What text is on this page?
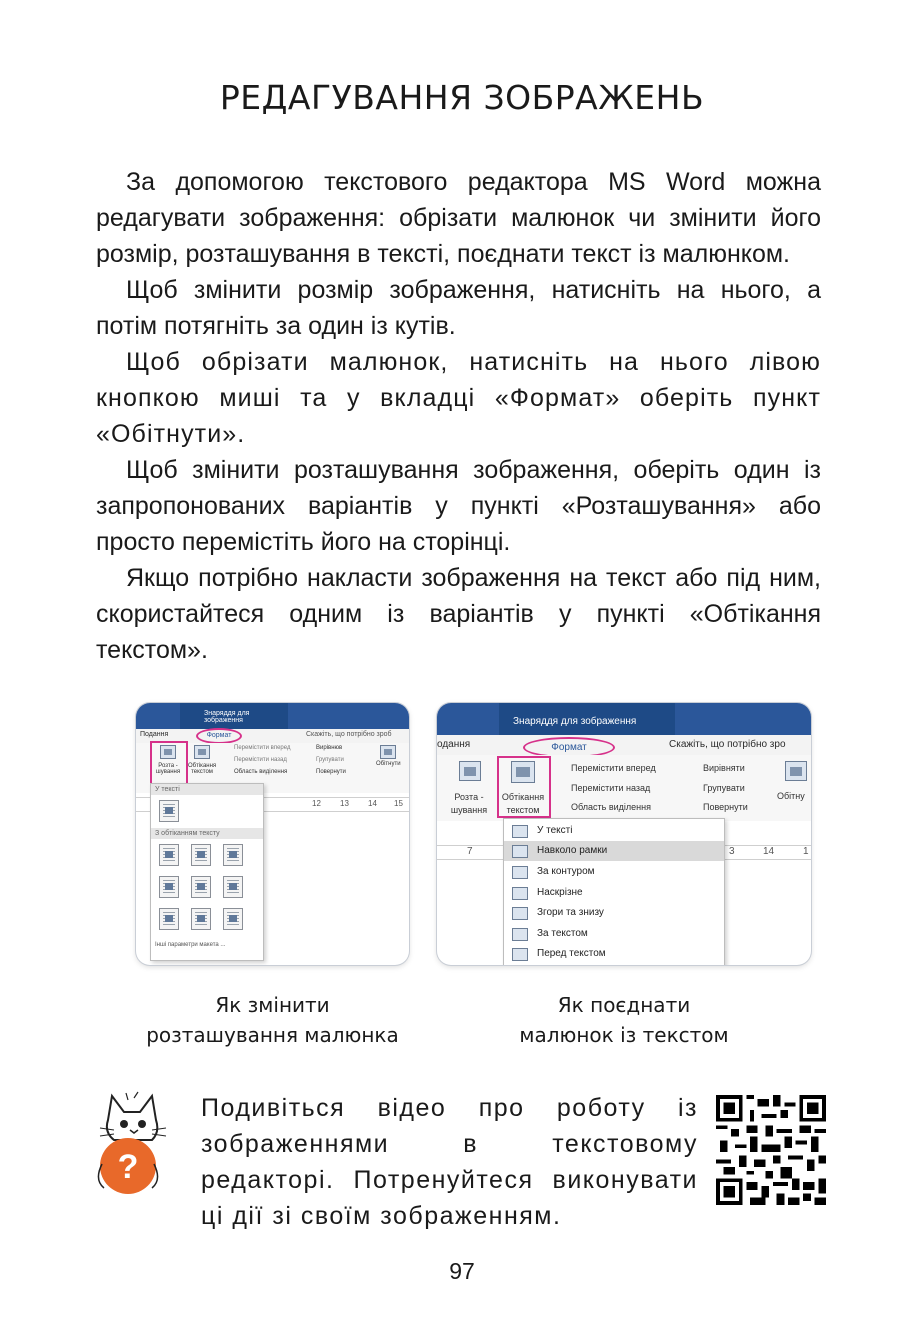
РЕДАГУВАННЯ ЗОБРАЖЕНЬ

За допомогою текстового редактора MS Word можна редагувати зображення: обрізати малюнок чи змінити його розмір, розташування в тексті, поєднати текст із малюнком.

Щоб змінити розмір зображення, натисніть на нього, а потім потягніть за один із кутів.

Щоб обрізати малюнок, натисніть на нього лівою кнопкою миші та у вкладці «Формат» оберіть пункт «Обітнути».

Щоб змінити розташування зображення, оберіть один із запропонованих варіантів у пункті «Розташування» або просто перемістіть його на сторінці.

Якщо потрібно накласти зображення на текст або під ним, скористайтеся одним із варіантів у пункті «Обтікання текстом».

Знаряддя для зображення
Подання	Формат	Скажіть, що потрібно зроб
Розта - шування
Обтікання текстом
Перемістити вперед
Перемістити назад
Область виділення
Вирівнюв
Групувати
Повернути
Обітнути
12 13 14 15
У тексті
З обтіканням тексту
Інші параметри макета ...
Знаряддя для зображення
одання	Формат	Скажіть, що потрібно зро
Розта - шування
Обтікання текстом
Перемістити вперед
Перемістити назад
Область виділення
Вирівняти
Групувати
Повернути
Обітну
7	3	14	1
У тексті
Навколо рамки
За контуром
Наскрізне
Згори та знизу
За текстом
Перед текстом
Як змінити
розташування малюнка
Як поєднати
малюнок із текстом
?
Подивіться відео про роботу із зображеннями в текстовому редакторі. Потренуйтеся виконувати ці дії зі своїм зображенням.
97
